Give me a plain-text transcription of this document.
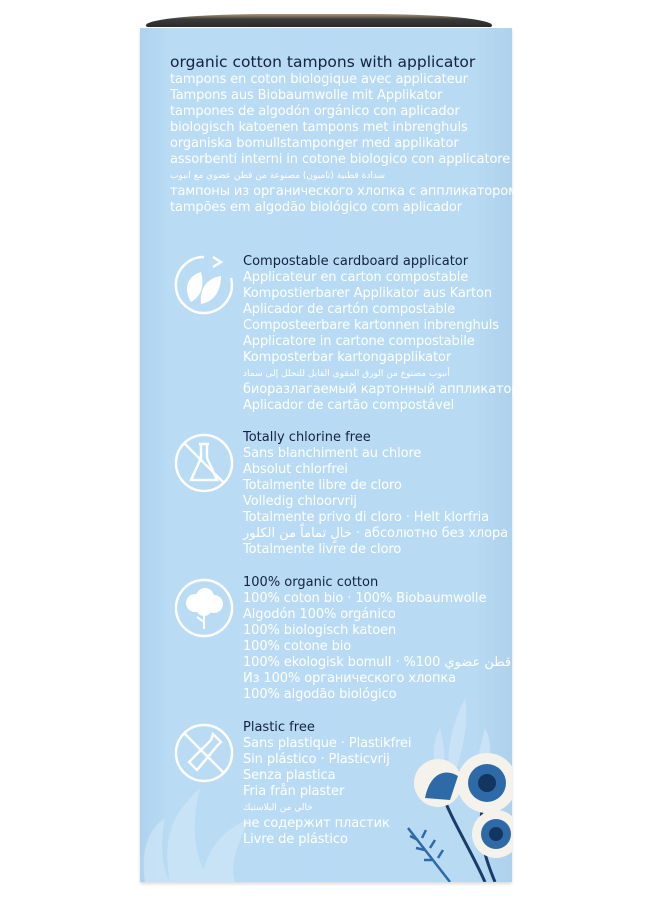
organic cotton tampons with applicator
tampons en coton biologique avec applicateur
Tampons aus Biobaumwolle mit Applikator
tampones de algodón orgánico con aplicador
biologisch katoenen tampons met inbrenghuls
organiska bomullstamponger med applikator
assorbenti interni in cotone biologico con applicatore
سدادة قطنية (تامبون) مصنوعة من قطن عضوي مع انبوب
тампоны из органического хлопка с аппликатором
tampões em algodão biológico com aplicador
Compostable cardboard applicator
Applicateur en carton compostable
Kompostierbarer Applikator aus Karton
Aplicador de cartón compostable
Composteerbare kartonnen inbrenghuls
Applicatore in cartone compostabile
Komposterbar kartongapplikator
أنبوب مصنوع من الورق المقوى القابل للتحلل إلى سماد
биоразлагаемый картонный аппликатор
Aplicador de cartão compostável
Totally chlorine free
Sans blanchiment au chlore
Absolut chlorfrei
Totalmente libre de cloro
Volledig chloorvrij
Totalmente privo di cloro · Helt klorfria
خالٍ تماماً من الكلور · абсолютно без хлора
Totalmente livre de cloro
100% organic cotton
100% coton bio · 100% Biobaumwolle
Algodón 100% orgánico
100% biologisch katoen
100% cotone bio
100% ekologisk bomull · %100 قطن عضوي
Из 100% органического хлопка
100% algodão biológico
Plastic free
Sans plastique · Plastikfrei
Sin plástico · Plasticvrij
Senza plastica
Fria från plaster
خالي من البلاستيك
не содержит пластик
Livre de plástico
